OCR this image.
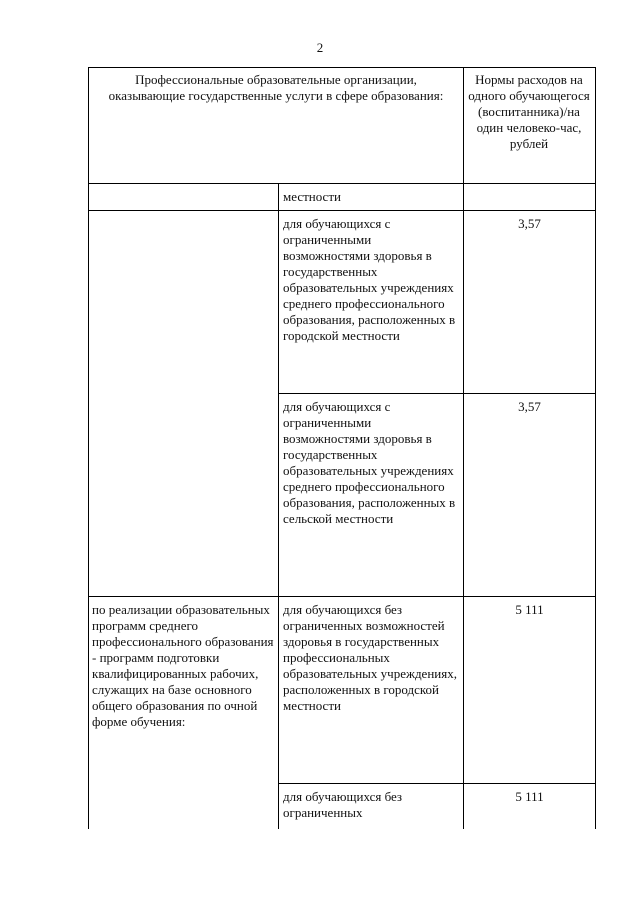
2
Профессиональные образовательные организации, оказывающие государственные услуги в сфере образования:
Нормы расходов на одного обучающегося (воспитанника)/на один человеко-час, рублей
местности
для обучающихся с ограниченными возможностями здоровья в государственных образовательных учреждениях среднего профессионального образования, расположенных в городской местности
3,57
для обучающихся с ограниченными возможностями здоровья в государственных образовательных учреждениях среднего профессионального образования, расположенных в сельской местности
3,57
по реализации образовательных программ среднего профессионального образования - программ подготовки квалифицированных рабочих, служащих на базе основного общего образования по очной форме обучения:
для обучающихся без ограниченных возможностей здоровья в государственных профессиональных образовательных учреждениях, расположенных в городской местности
5 111
для обучающихся без ограниченных
5 111
